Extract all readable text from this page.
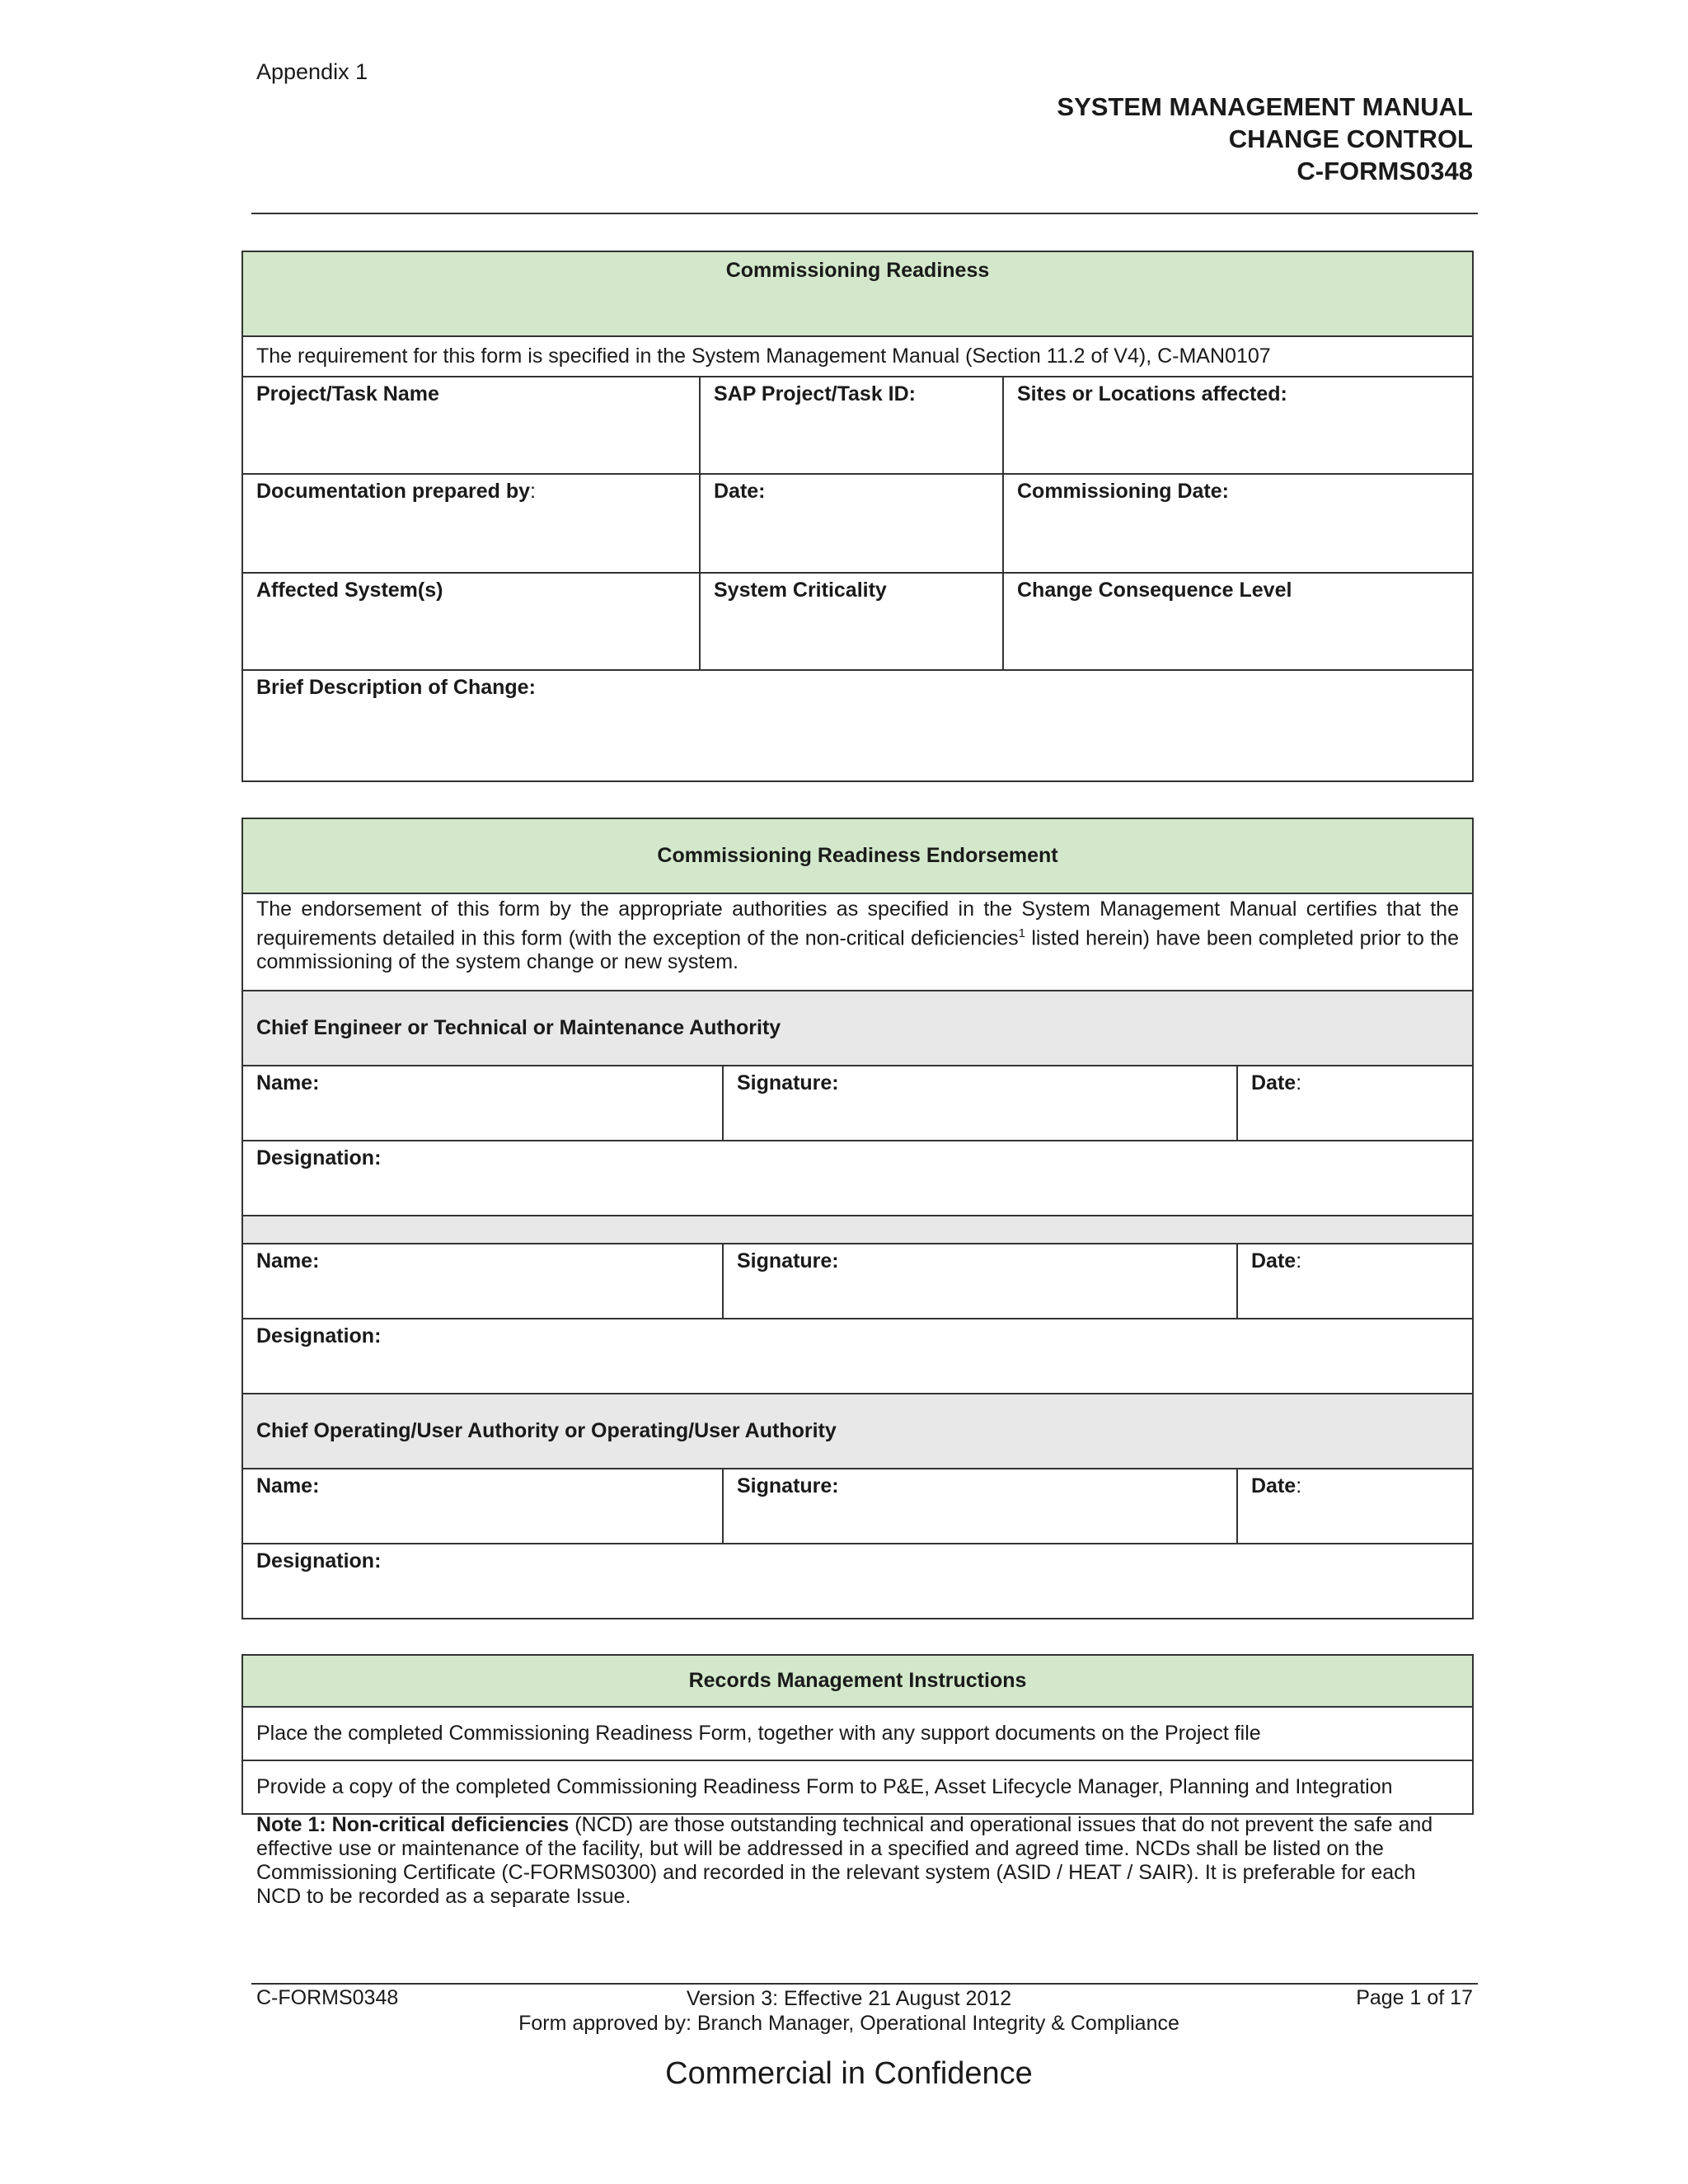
Appendix 1
SYSTEM MANAGEMENT MANUAL
CHANGE CONTROL
C-FORMS0348
Commissioning Readiness		
The requirement for this form is specified in the System Management Manual (Section 11.2 of V4), C-MAN0107		

Project/Task Name	SAP Project/Task ID:	Sites or Locations affected:

Documentation prepared by:	Date:	Commissioning Date:

Affected System(s)	System Criticality	Change Consequence Level

Brief Description of Change:		
Commissioning Readiness Endorsement		
The endorsement of this form by the appropriate authorities as specified in the System Management Manual certifies that the requirements detailed in this form (with the exception of the non-critical deficiencies$^1$ listed herein) have been completed prior to the commissioning of the system change or new system.		
Chief Engineer or Technical or Maintenance Authority		

Name:	Signature:	Date:

Designation:		

Name:	Signature:	Date:

Designation:		

Chief Operating/User Authority or Operating/User Authority		

Name:	Signature:	Date:

Designation:		
Records Management Instructions
Place the completed Commissioning Readiness Form, together with any support documents on the Project file
Provide a copy of the completed Commissioning Readiness Form to P&E, Asset Lifecycle Manager, Planning and Integration
Note 1: Non-critical deficiencies (NCD) are those outstanding technical and operational issues that do not prevent the safe and effective use or maintenance of the facility, but will be addressed in a specified and agreed time. NCDs shall be listed on the Commissioning Certificate (C-FORMS0300) and recorded in the relevant system (ASID / HEAT / SAIR). It is preferable for each NCD to be recorded as a separate Issue.
C-FORMS0348	Version 3: Effective 21 August 2012
Form approved by: Branch Manager, Operational Integrity & Compliance
Page 1 of 17
Commercial in Confidence
